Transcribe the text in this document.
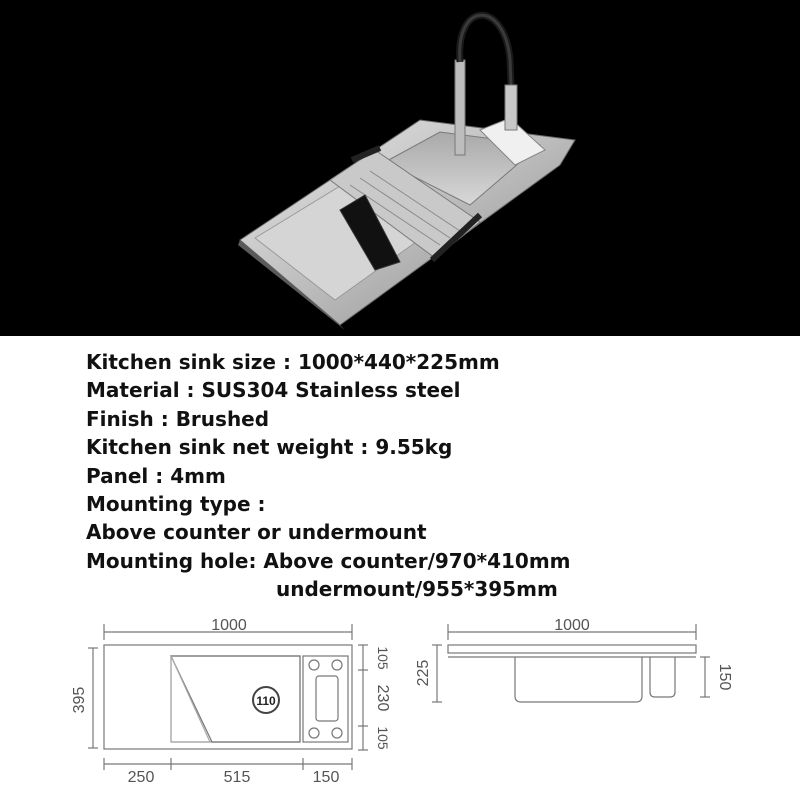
Kitchen sink size : 1000*440*225mm
Material : SUS304 Stainless steel
Finish : Brushed
Kitchen sink net weight : 9.55kg
Panel : 4mm
Mounting type :
Above counter or undermount
Mounting hole: Above counter/970*410mm
undermount/955*395mm
1000
395	110
105
230
105
250	515	150
1000
225	150
